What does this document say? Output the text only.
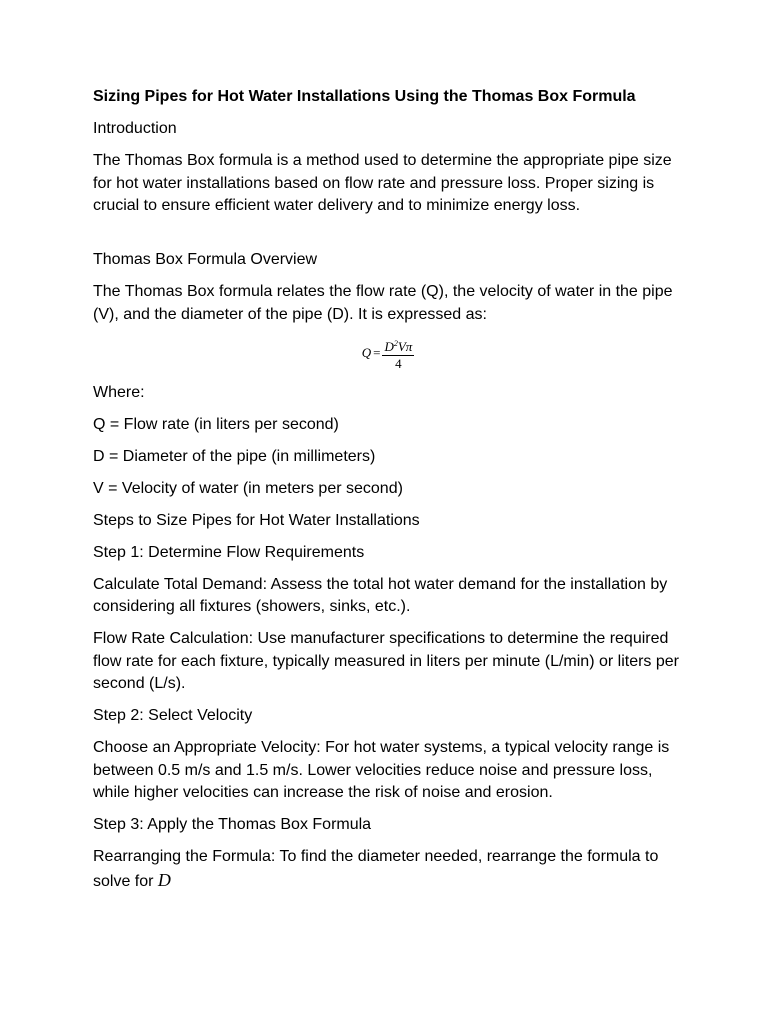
Sizing Pipes for Hot Water Installations Using the Thomas Box Formula

Introduction

The Thomas Box formula is a method used to determine the appropriate pipe size for hot water installations based on flow rate and pressure loss. Proper sizing is crucial to ensure efficient water delivery and to minimize energy loss.

Thomas Box Formula Overview

The Thomas Box formula relates the flow rate (Q), the velocity of water in the pipe (V), and the diameter of the pipe (D). It is expressed as:

$Q = \frac{D^2V\pi}{4}$

Where:

Q = Flow rate (in liters per second)

D = Diameter of the pipe (in millimeters)

V = Velocity of water (in meters per second)

Steps to Size Pipes for Hot Water Installations

Step 1: Determine Flow Requirements

Calculate Total Demand: Assess the total hot water demand for the installation by considering all fixtures (showers, sinks, etc.).

Flow Rate Calculation: Use manufacturer specifications to determine the required flow rate for each fixture, typically measured in liters per minute (L/min) or liters per second (L/s).

Step 2: Select Velocity

Choose an Appropriate Velocity: For hot water systems, a typical velocity range is between 0.5 m/s and 1.5 m/s. Lower velocities reduce noise and pressure loss, while higher velocities can increase the risk of noise and erosion.

Step 3: Apply the Thomas Box Formula

Rearranging the Formula: To find the diameter needed, rearrange the formula to solve for D
